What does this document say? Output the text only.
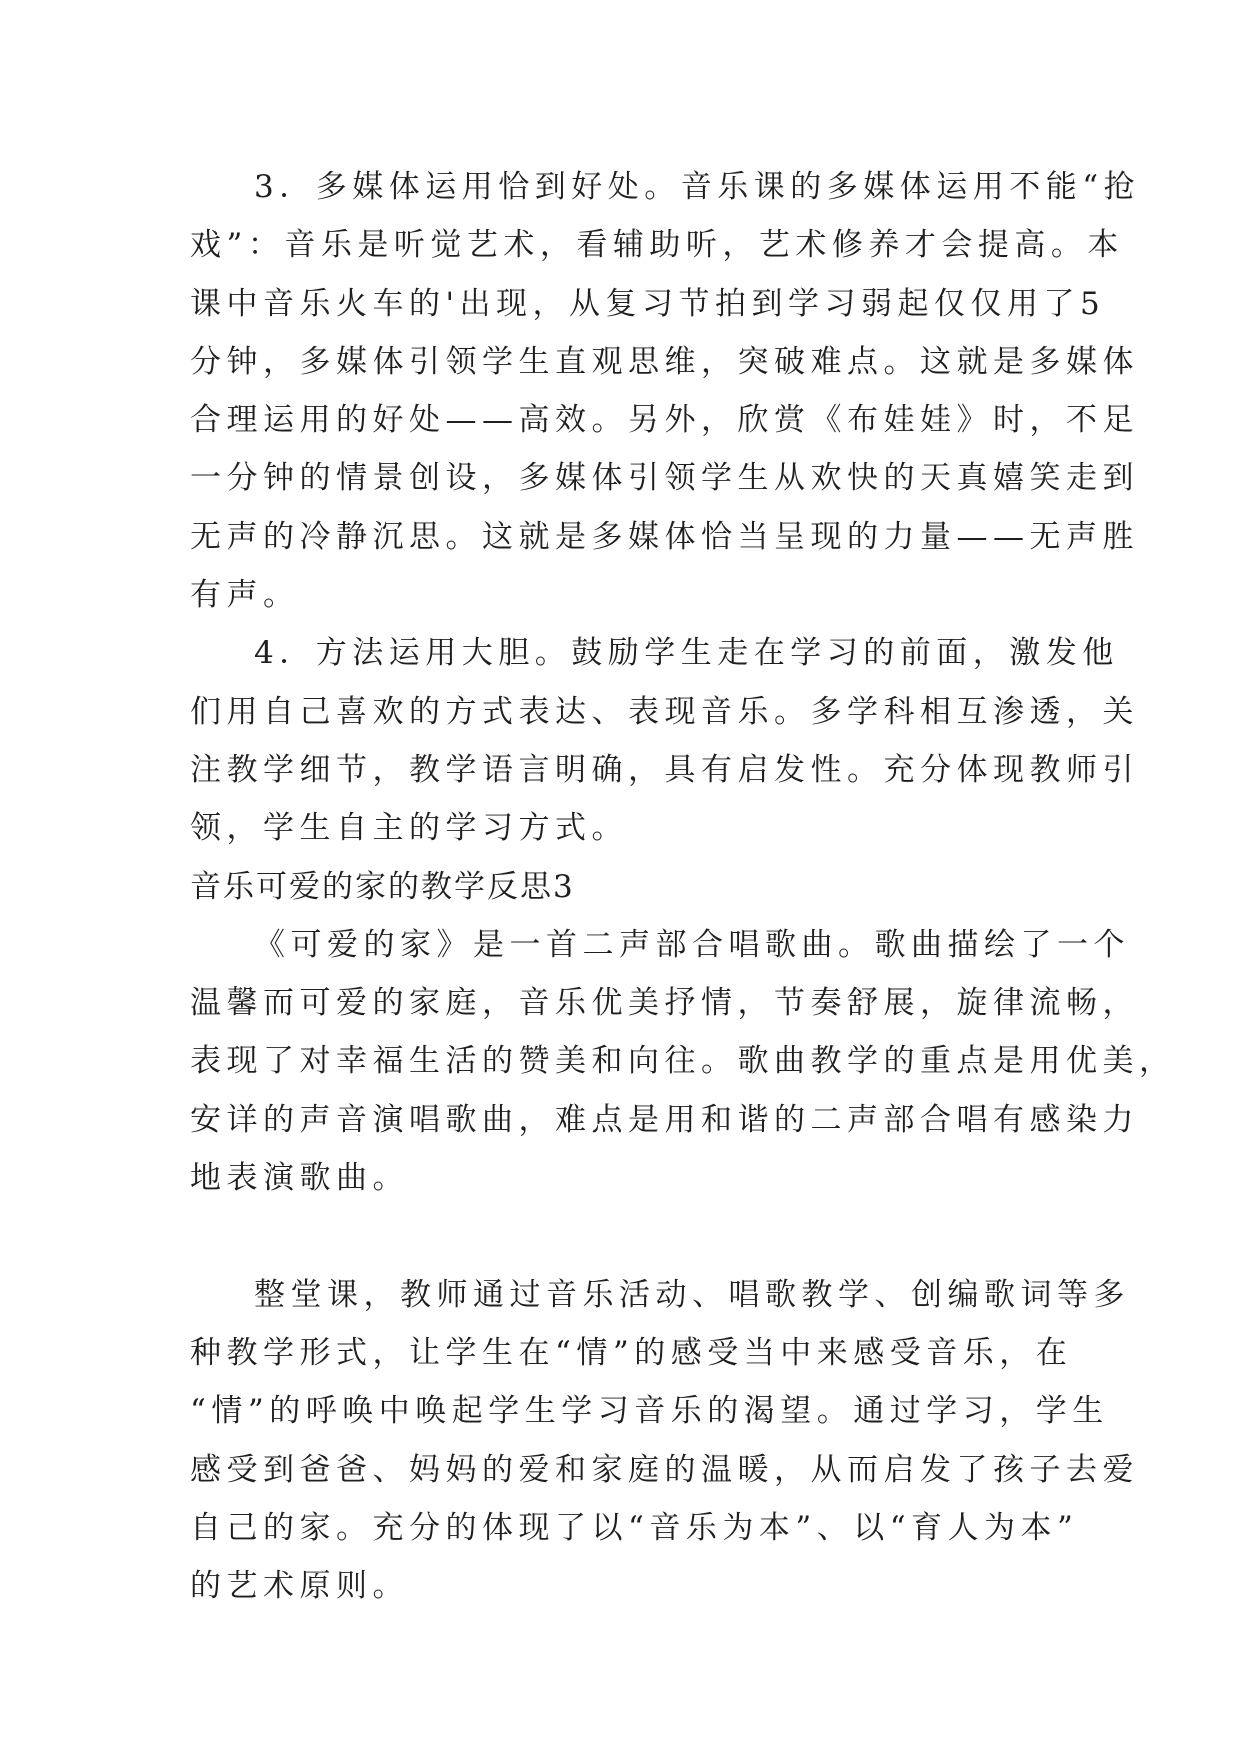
3．多媒体运用恰到好处。音乐课的多媒体运用不能“抢
戏”：音乐是听觉艺术，看辅助听，艺术修养才会提高。本
课中音乐火车的'出现，从复习节拍到学习弱起仅仅用了5
分钟，多媒体引领学生直观思维，突破难点。这就是多媒体
合理运用的好处——高效。另外，欣赏《布娃娃》时，不足
一分钟的情景创设，多媒体引领学生从欢快的天真嬉笑走到
无声的冷静沉思。这就是多媒体恰当呈现的力量——无声胜
有声。
4．方法运用大胆。鼓励学生走在学习的前面，激发他
们用自己喜欢的方式表达、表现音乐。多学科相互渗透，关
注教学细节，教学语言明确，具有启发性。充分体现教师引
领，学生自主的学习方式。
音乐可爱的家的教学反思3
《可爱的家》是一首二声部合唱歌曲。歌曲描绘了一个
温馨而可爱的家庭，音乐优美抒情，节奏舒展，旋律流畅，
表现了对幸福生活的赞美和向往。歌曲教学的重点是用优美，
安详的声音演唱歌曲，难点是用和谐的二声部合唱有感染力
地表演歌曲。
整堂课，教师通过音乐活动、唱歌教学、创编歌词等多
种教学形式，让学生在“情”的感受当中来感受音乐，在
“情”的呼唤中唤起学生学习音乐的渴望。通过学习，学生
感受到爸爸、妈妈的爱和家庭的温暖，从而启发了孩子去爱
自己的家。充分的体现了以“音乐为本”、以“育人为本”
的艺术原则。
